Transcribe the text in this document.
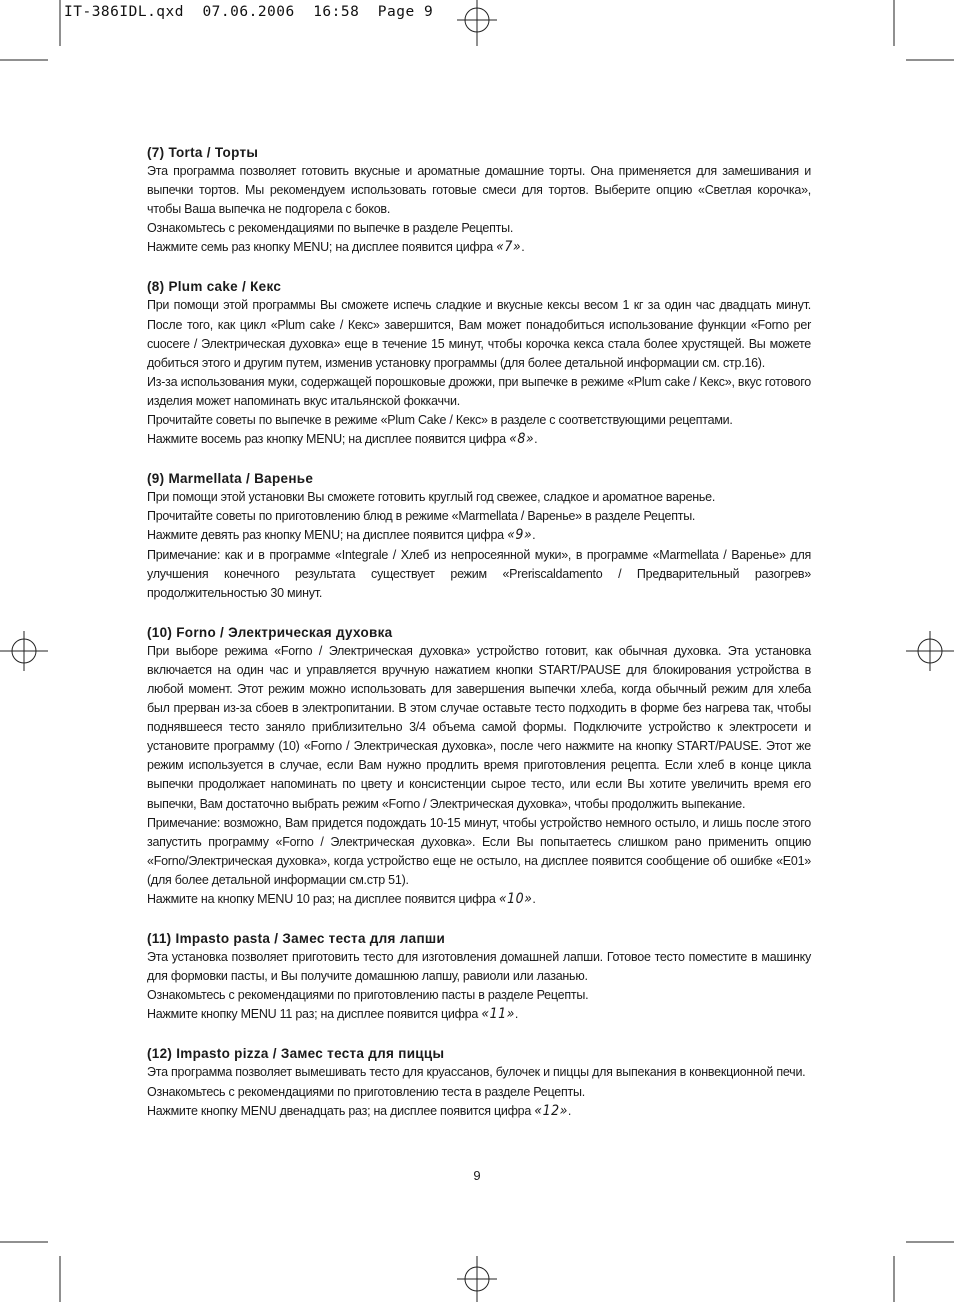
IT-386IDL.qxd  07.06.2006  16:58  Page 9

(7) Torta / Торты

Эта программа позволяет готовить вкусные и ароматные домашние торты. Она применяется для замешивания и выпечки тортов. Мы рекомендуем использовать готовые смеси для тортов. Выберите опцию «Светлая корочка», чтобы Ваша выпечка не подгорела с боков.

Ознакомьтесь с рекомендациями по выпечке в разделе Рецепты.

Нажмите семь раз кнопку MENU; на дисплее появится цифра «7».

(8) Plum cake / Кекс

При помощи этой программы Вы сможете испечь сладкие и вкусные кексы весом 1 кг за один час двадцать минут. После того, как цикл «Plum cake / Кекс» завершится, Вам может понадобиться использование функции «Forno per cuocere / Электрическая духовка» еще в течение 15 минут, чтобы корочка кекса стала более хрустящей. Вы можете добиться этого и другим путем, изменив установку программы (для более детальной информации см. стр.16).

Из-за использования муки, содержащей порошковые дрожжи, при выпечке в режиме «Plum cake / Кекс», вкус готового изделия может напоминать вкус итальянской фоккаччи.

Прочитайте советы по выпечке в режиме «Plum Cake / Кекс» в разделе с соответствующими рецептами.

Нажмите восемь раз кнопку MENU; на дисплее появится цифра «8».

(9) Marmellata / Варенье

При помощи этой установки Вы сможете готовить круглый год свежее, сладкое и ароматное варенье.

Прочитайте советы по приготовлению блюд в режиме «Marmellata / Варенье» в разделе Рецепты.

Нажмите девять раз кнопку MENU; на дисплее появится цифра «9».

Примечание: как и в программе «Integrale / Хлеб из непросеянной муки», в программе «Marmellata / Варенье» для улучшения конечного результата существует режим «Preriscaldamento / Предварительный разогрев» продолжительностью 30 минут.

(10) Forno / Электрическая духовка

При выборе режима «Forno / Электрическая духовка» устройство готовит, как обычная духовка. Эта установка включается на один час и управляется вручную нажатием кнопки START/PAUSE для блокирования устройства в любой момент. Этот режим можно использовать для завершения выпечки хлеба, когда обычный режим для хлеба был прерван из-за сбоев в электропитании. В этом случае оставьте тесто подходить в форме без нагрева так, чтобы поднявшееся тесто заняло приблизительно 3/4 объема самой формы. Подключите устройство к электросети и установите программу (10) «Forno / Электрическая духовка», после чего нажмите на кнопку START/PAUSE. Этот же режим используется в случае, если Вам нужно продлить время приготовления рецепта. Если хлеб в конце цикла выпечки продолжает напоминать по цвету и консистенции сырое тесто, или если Вы хотите увеличить время его выпечки, Вам достаточно выбрать режим «Forno / Электрическая духовка», чтобы продолжить выпекание.

Примечание: возможно, Вам придется подождать 10-15 минут, чтобы устройство немного остыло, и лишь после этого запустить программу «Forno / Электрическая духовка». Если Вы попытаетесь слишком рано применить опцию «Forno/Электрическая духовка», когда устройство еще не остыло, на дисплее появится сообщение об ошибке «E01» (для более детальной информации см.стр 51).

Нажмите на кнопку MENU 10 раз; на дисплее появится цифра «10».

(11) Impasto pasta / Замес теста для лапши

Эта установка позволяет приготовить тесто для изготовления домашней лапши. Готовое тесто поместите в машинку для формовки пасты, и Вы получите домашнюю лапшу, равиоли или лазанью.

Ознакомьтесь с рекомендациями по приготовлению пасты в разделе Рецепты.

Нажмите кнопку MENU 11 раз; на дисплее появится цифра «11».

(12) Impasto pizza / Замес теста для пиццы

Эта программа позволяет вымешивать тесто для круассанов, булочек и пиццы для выпекания в конвекционной печи.

Ознакомьтесь с рекомендациями по приготовлению теста в разделе Рецепты.

Нажмите кнопку MENU двенадцать раз; на дисплее появится цифра «12».

9
